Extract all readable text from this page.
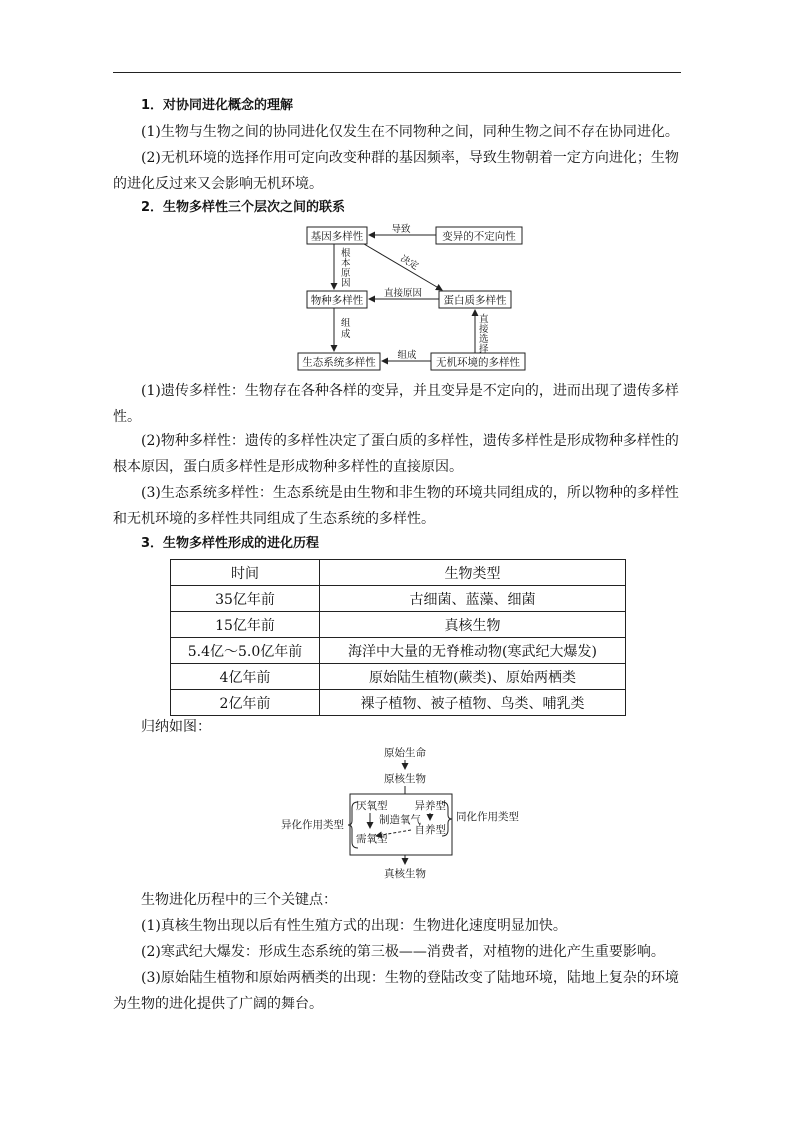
1．对协同进化概念的理解

(1)生物与生物之间的协同进化仅发生在不同物种之间，同种生物之间不存在协同进化。

(2)无机环境的选择作用可定向改变种群的基因频率，导致生物朝着一定方向进化；生物的进化反过来又会影响无机环境。

2．生物多样性三个层次之间的联系

基因多样性	变异的不定向性
物种多样性	蛋白质多样性
生态系统多样性	无机环境的多样性
导致
决定
根
本
原
因
直接原因
组
成
组成
直
接
选
择

(1)遗传多样性：生物存在各种各样的变异，并且变异是不定向的，进而出现了遗传多样性。

(2)物种多样性：遗传的多样性决定了蛋白质的多样性，遗传多样性是形成物种多样性的根本原因，蛋白质多样性是形成物种多样性的直接原因。

(3)生态系统多样性：生态系统是由生物和非生物的环境共同组成的，所以物种的多样性和无机环境的多样性共同组成了生态系统的多样性。

3．生物多样性形成的进化历程

时间	生物类型
35亿年前	古细菌、蓝藻、细菌
15亿年前	真核生物
5.4亿～5.0亿年前	海洋中大量的无脊椎动物(寒武纪大爆发)
4亿年前	原始陆生植物(蕨类)、原始两栖类
2亿年前	裸子植物、被子植物、鸟类、哺乳类

归纳如图：

原始生命
原核生物
厌氧型
需氧型
异化作用类型
异养型
自养型
同化作用类型
制造氧气
真核生物

生物进化历程中的三个关键点：

(1)真核生物出现以后有性生殖方式的出现：生物进化速度明显加快。

(2)寒武纪大爆发：形成生态系统的第三极——消费者，对植物的进化产生重要影响。

(3)原始陆生植物和原始两栖类的出现：生物的登陆改变了陆地环境，陆地上复杂的环境为生物的进化提供了广阔的舞台。
